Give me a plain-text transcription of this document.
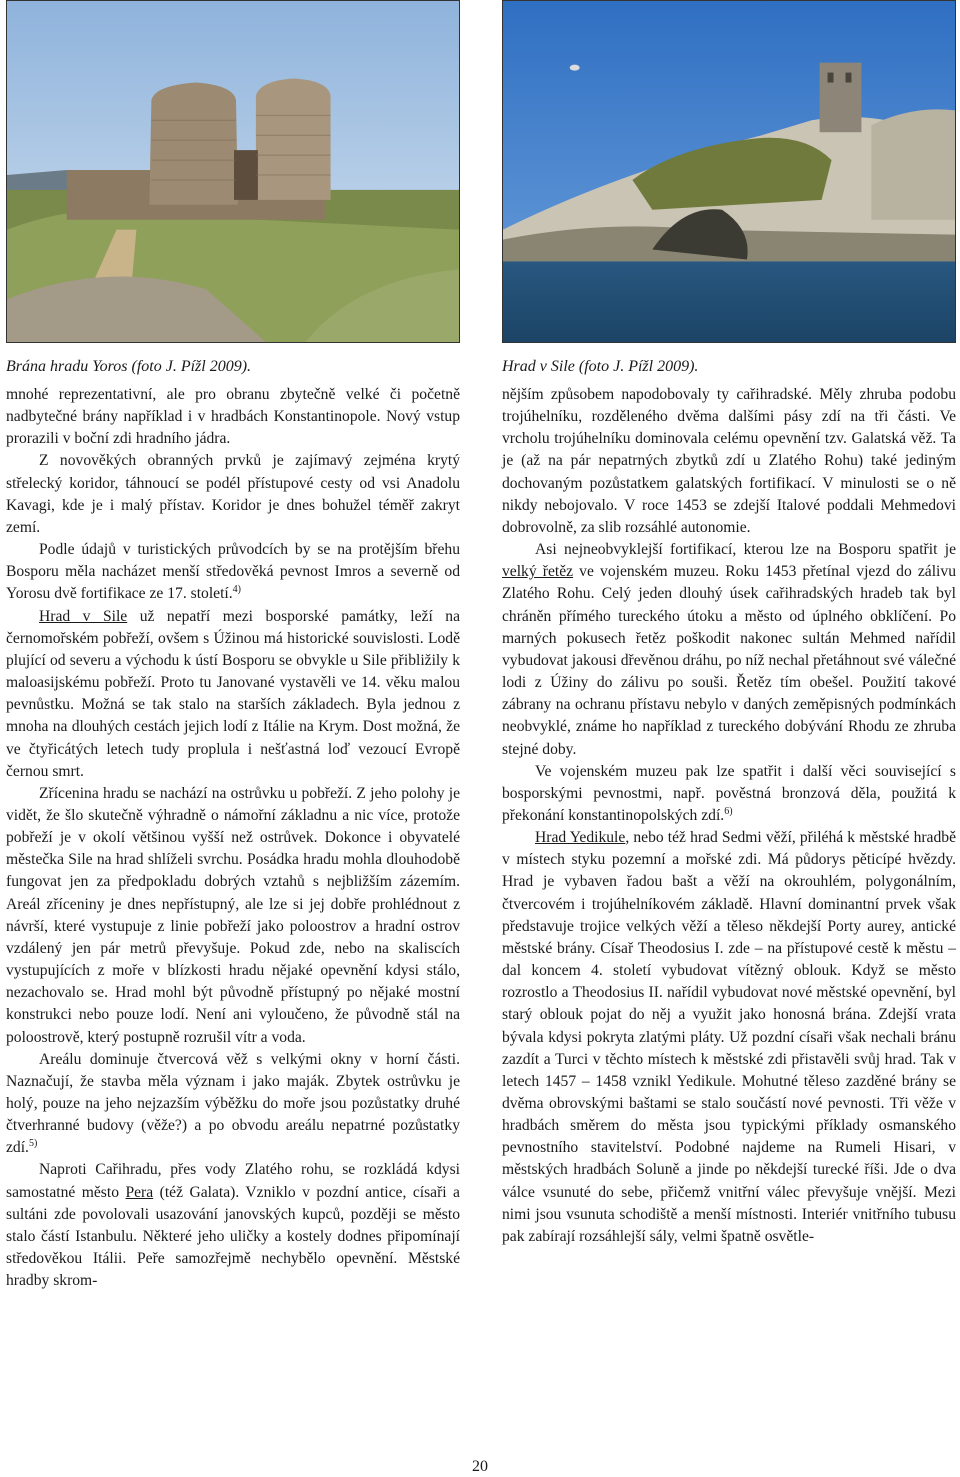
Brána hradu Yoros (foto J. Pížl 2009).

mnohé reprezentativní, ale pro obranu zbytečně velké či početně nadbytečné brány například i v hradbách Konstantinopole. Nový vstup prorazili v boční zdi hradního jádra.

Z novověkých obranných prvků je zajímavý zejména krytý střelecký koridor, táhnoucí se podél přístupové cesty od vsi Anadolu Kavagi, kde je i malý přístav. Koridor je dnes bohužel téměř zakryt zemí.

Podle údajů v turistických průvodcích by se na protějším břehu Bosporu měla nacházet menší středověká pevnost Imros a severně od Yorosu dvě fortifikace ze 17. století.$^{4)}$

Hrad v Sile už nepatří mezi bosporské památky, leží na černomořském pobřeží, ovšem s Úžinou má historické souvislosti. Lodě plující od severu a východu k ústí Bosporu se obvykle u Sile přibližily k maloasijskému pobřeží. Proto tu Janované vystavěli ve 14. věku malou pevnůstku. Možná se tak stalo na starších základech. Byla jednou z mnoha na dlouhých cestách jejich lodí z Itálie na Krym. Dost možná, že ve čtyřicátých letech tudy proplula i nešťastná loď vezoucí Evropě černou smrt.

Zřícenina hradu se nachází na ostrůvku u pobřeží. Z jeho polohy je vidět, že šlo skutečně výhradně o námořní základnu a nic více, protože pobřeží je v okolí většinou vyšší než ostrůvek. Dokonce i obyvatelé městečka Sile na hrad shlíželi svrchu. Posádka hradu mohla dlouhodobě fungovat jen za předpokladu dobrých vztahů s nejbližším zázemím. Areál zříceniny je dnes nepřístupný, ale lze si jej dobře prohlédnout z návrší, které vystupuje z linie pobřeží jako poloostrov a hradní ostrov vzdálený jen pár metrů převyšuje. Pokud zde, nebo na skaliscích vystupujících z moře v blízkosti hradu nějaké opevnění kdysi stálo, nezachovalo se. Hrad mohl být původně přístupný po nějaké mostní konstrukci nebo pouze lodí. Není ani vyloučeno, že původně stál na poloostrově, který postupně rozrušil vítr a voda.

Areálu dominuje čtvercová věž s velkými okny v horní části. Naznačují, že stavba měla význam i jako maják. Zbytek ostrůvku je holý, pouze na jeho nejzazším výběžku do moře jsou pozůstatky druhé čtverhranné budovy (věže?) a po obvodu areálu nepatrné pozůstatky zdí.$^{5)}$

Naproti Cařihradu, přes vody Zlatého rohu, se rozkládá kdysi samostatné město Pera (též Galata). Vzniklo v pozdní antice, císaři a sultáni zde povolovali usazování janovských kupců, později se město stalo částí Istanbulu. Některé jeho uličky a kostely dodnes připomínají středověkou Itálii. Peře samozřejmě nechybělo opevnění. Městské hradby skrom-

Hrad v Sile (foto J. Pížl 2009).

nějším způsobem napodobovaly ty cařihradské. Měly zhruba podobu trojúhelníku, rozděleného dvěma dalšími pásy zdí na tři části. Ve vrcholu trojúhelníku dominovala celému opevnění tzv. Galatská věž. Ta je (až na pár nepatrných zbytků zdí u Zlatého Rohu) také jediným dochovaným pozůstatkem galatských fortifikací. V minulosti se o ně nikdy nebojovalo. V roce 1453 se zdejší Italové poddali Mehmedovi dobrovolně, za slib rozsáhlé autonomie.

Asi nejneobvyklejší fortifikací, kterou lze na Bosporu spatřit je velký řetěz ve vojenském muzeu. Roku 1453 přetínal vjezd do zálivu Zlatého Rohu. Celý jeden dlouhý úsek cařihradských hradeb tak byl chráněn přímého tureckého útoku a město od úplného obklíčení. Po marných pokusech řetěz poškodit nakonec sultán Mehmed nařídil vybudovat jakousi dřevěnou dráhu, po níž nechal přetáhnout své válečné lodi z Úžiny do zálivu po souši. Řetěz tím obešel. Použití takové zábrany na ochranu přístavu nebylo v daných zeměpisných podmínkách neobvyklé, známe ho například z tureckého dobývání Rhodu ze zhruba stejné doby.

Ve vojenském muzeu pak lze spatřit i další věci související s bosporskými pevnostmi, např. pověstná bronzová děla, použitá k překonání konstantinopolských zdí.$^{6)}$

Hrad Yedikule, nebo též hrad Sedmi věží, přiléhá k městské hradbě v místech styku pozemní a mořské zdi. Má půdorys pěticípé hvězdy. Hrad je vybaven řadou bašt a věží na okrouhlém, polygonálním, čtvercovém i trojúhelníkovém základě. Hlavní dominantní prvek však představuje trojice velkých věží a těleso někdejší Porty aurey, antické městské brány. Císař Theodosius I. zde – na přístupové cestě k městu – dal koncem 4. století vybudovat vítězný oblouk. Když se město rozrostlo a Theodosius II. nařídil vybudovat nové městské opevnění, byl starý oblouk pojat do něj a využit jako honosná brána. Zdejší vrata bývala kdysi pokryta zlatými pláty. Už pozdní císaři však nechali bránu zazdít a Turci v těchto místech k městské zdi přistavěli svůj hrad. Tak v letech 1457 – 1458 vznikl Yedikule. Mohutné těleso zazděné brány se dvěma obrovskými baštami se stalo součástí nové pevnosti. Tři věže v hradbách směrem do města jsou typickými příklady osmanského pevnostního stavitelství. Podobné najdeme na Rumeli Hisari, v městských hradbách Soluně a jinde po někdejší turecké říši. Jde o dva válce vsunuté do sebe, přičemž vnitřní válec převyšuje vnější. Mezi nimi jsou vsunuta schodiště a menší místnosti. Interiér vnitřního tubusu pak zabírají rozsáhlejší sály, velmi špatně osvětle-

20
